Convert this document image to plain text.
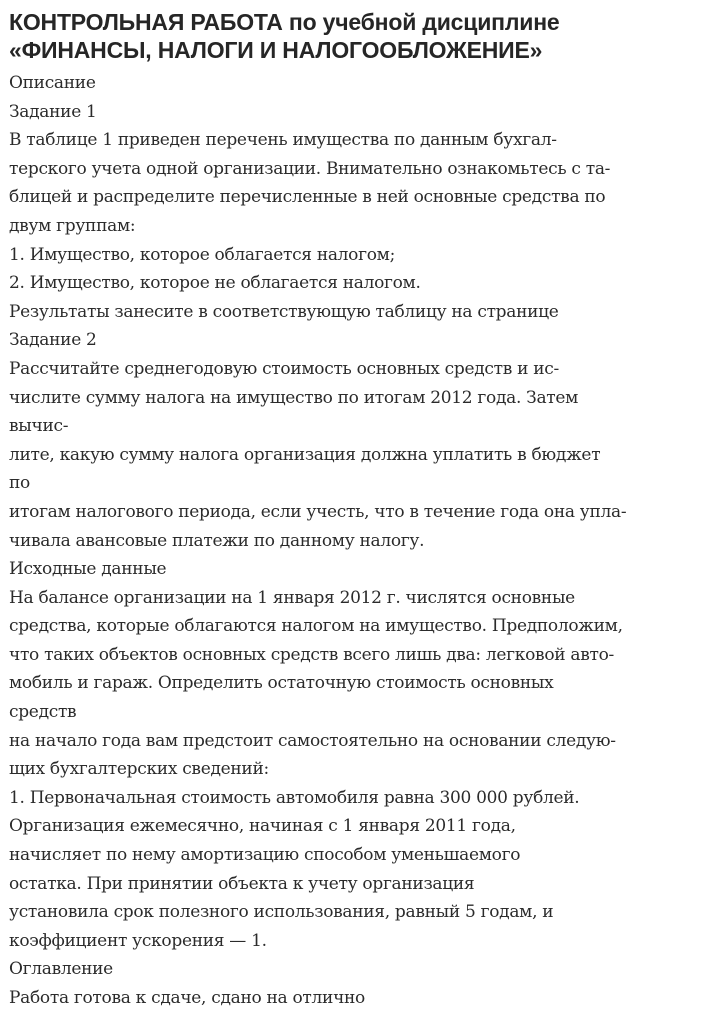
КОНТРОЛЬНАЯ РАБОТА по учебной дисциплине
«ФИНАНСЫ, НАЛОГИ И НАЛОГООБЛОЖЕНИЕ»
Описание
Задание 1
В таблице 1 приведен перечень имущества по данным бухгал-
терского учета одной организации. Внимательно ознакомьтесь с та-
блицей и распределите перечисленные в ней основные средства по
двум группам:
1. Имущество, которое облагается налогом;
2. Имущество, которое не облагается налогом.
Результаты занесите в соответствующую таблицу на странице
Задание 2
Рассчитайте среднегодовую стоимость основных средств и ис-
числите сумму налога на имущество по итогам 2012 года. Затем
вычис-
лите, какую сумму налога организация должна уплатить в бюджет
по
итогам налогового периода, если учесть, что в течение года она упла-
чивала авансовые платежи по данному налогу.
Исходные данные
На балансе организации на 1 января 2012 г. числятся основные
средства, которые облагаются налогом на имущество. Предположим,
что таких объектов основных средств всего лишь два: легковой авто-
мобиль и гараж. Определить остаточную стоимость основных
средств
на начало года вам предстоит самостоятельно на основании следую-
щих бухгалтерских сведений:
1. Первоначальная стоимость автомобиля равна 300 000 рублей.
Организация ежемесячно, начиная с 1 января 2011 года,
начисляет по нему амортизацию способом уменьшаемого
остатка. При принятии объекта к учету организация
установила срок полезного использования, равный 5 годам, и
коэффициент ускорения — 1.
Оглавление
Работа готова к сдаче, сдано на отлично
